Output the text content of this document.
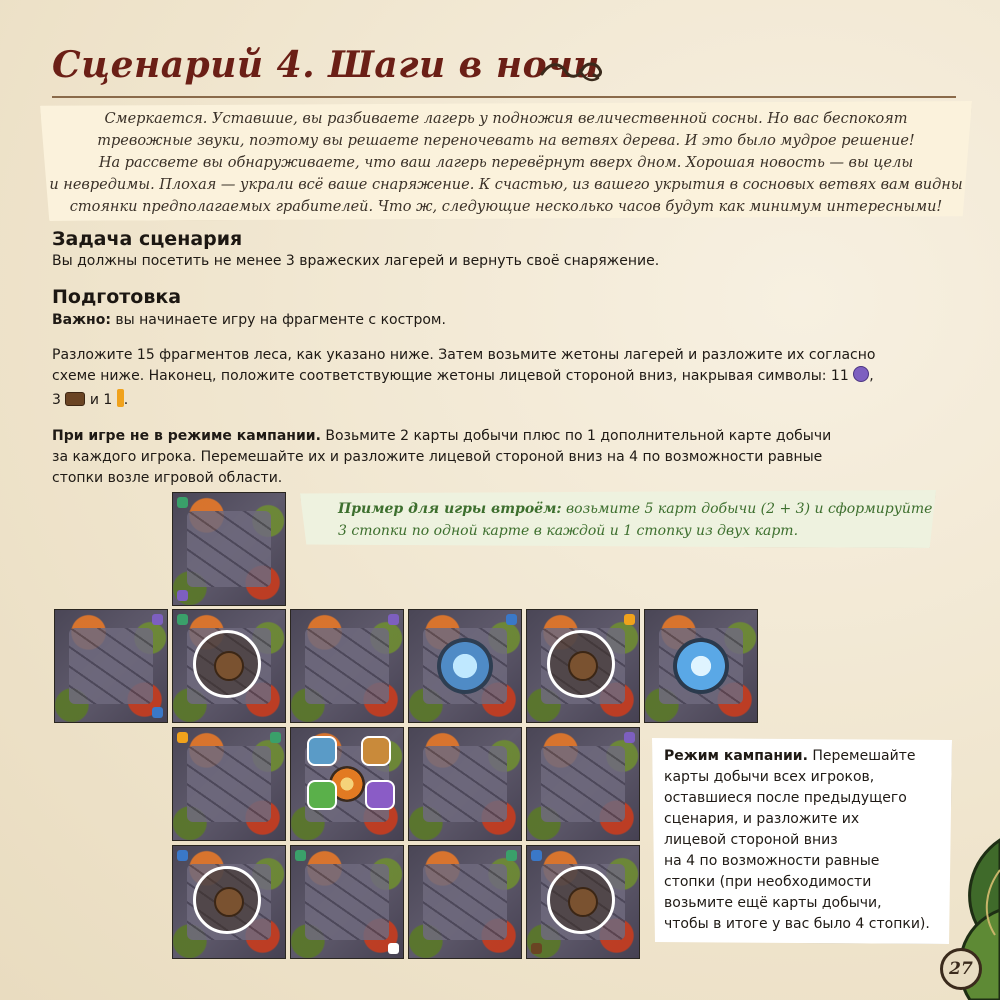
Сценарий 4. Шаги в ночи
Смеркается. Уставшие, вы разбиваете лагерь у подножия величественной сосны. Но вас беспокоят
тревожные звуки, поэтому вы решаете переночевать на ветвях дерева. И это было мудрое решение!
На рассвете вы обнаруживаете, что ваш лагерь перевёрнут вверх дном. Хорошая новость — вы целы
и невредимы. Плохая — украли всё ваше снаряжение. К счастью, из вашего укрытия в сосновых ветвях вам видны
стоянки предполагаемых грабителей. Что ж, следующие несколько часов будут как минимум интересными!
Задача сценария
Вы должны посетить не менее 3 вражеских лагерей и вернуть своё снаряжение.
Подготовка
Важно: вы начинаете игру на фрагменте с костром.
Разложите 15 фрагментов леса, как указано ниже. Затем возьмите жетоны лагерей и разложите их согласно
схеме ниже. Наконец, положите соответствующие жетоны лицевой стороной вниз, накрывая символы: 11 ,
3  и 1 .
При игре не в режиме кампании. Возьмите 2 карты добычи плюс по 1 дополнительной карте добычи
за каждого игрока. Перемешайте их и разложите лицевой стороной вниз на 4 по возможности равные
стопки возле игровой области.
Пример для игры втроём: возьмите 5 карт добычи (2 + 3) и сформируйте
3 стопки по одной карте в каждой и 1 стопку из двух карт.
Режим кампании. Перемешайте
карты добычи всех игроков,
оставшиеся после предыдущего
сценария, и разложите их
лицевой стороной вниз
на 4 по возможности равные
стопки (при необходимости
возьмите ещё карты добычи,
чтобы в итоге у вас было 4 стопки).
27
